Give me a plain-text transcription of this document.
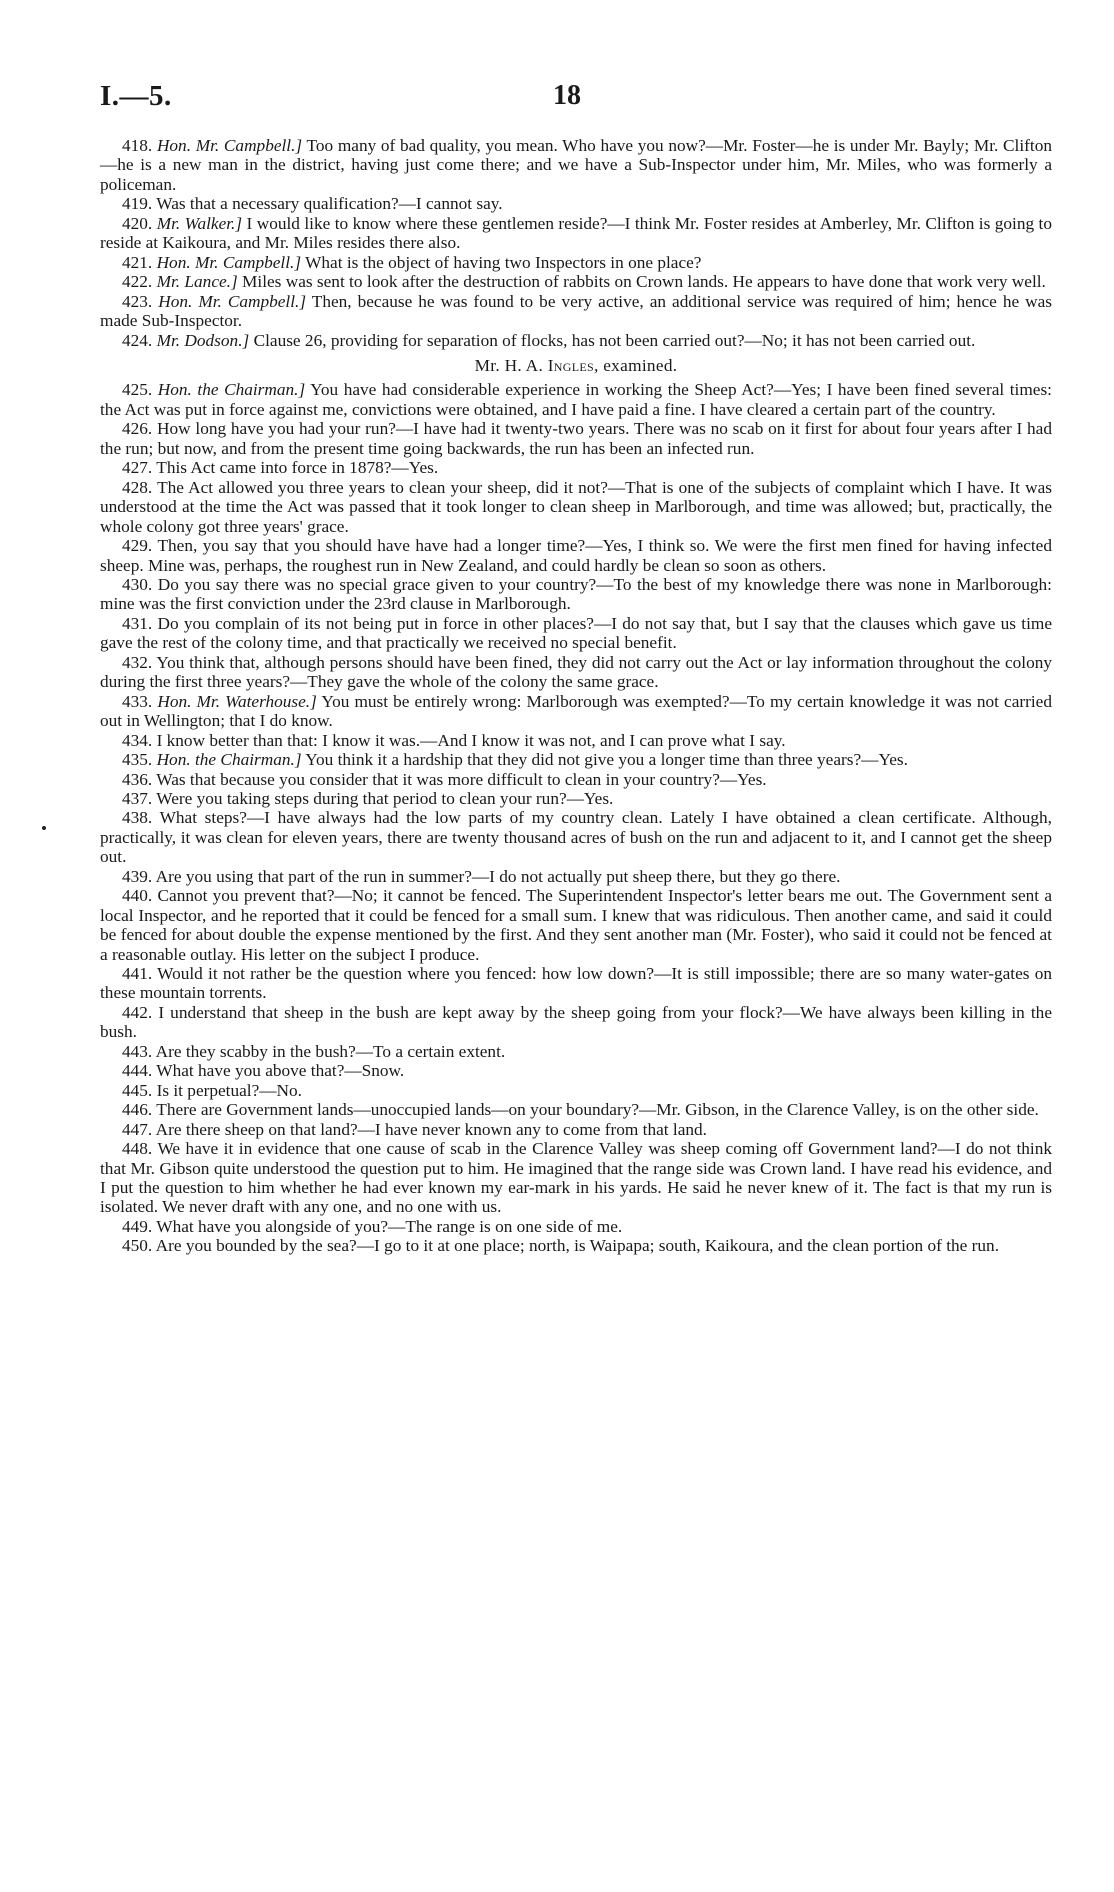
I.—5.	18

418. Hon. Mr. Campbell.] Too many of bad quality, you mean. Who have you now?—Mr. Foster—he is under Mr. Bayly; Mr. Clifton—he is a new man in the district, having just come there; and we have a Sub-Inspector under him, Mr. Miles, who was formerly a policeman.

419. Was that a necessary qualification?—I cannot say.

420. Mr. Walker.] I would like to know where these gentlemen reside?—I think Mr. Foster resides at Amberley, Mr. Clifton is going to reside at Kaikoura, and Mr. Miles resides there also.

421. Hon. Mr. Campbell.] What is the object of having two Inspectors in one place?

422. Mr. Lance.] Miles was sent to look after the destruction of rabbits on Crown lands. He appears to have done that work very well.

423. Hon. Mr. Campbell.] Then, because he was found to be very active, an additional service was required of him; hence he was made Sub-Inspector.

424. Mr. Dodson.] Clause 26, providing for separation of flocks, has not been carried out?—No; it has not been carried out.

Mr. H. A. Ingles, examined.

425. Hon. the Chairman.] You have had considerable experience in working the Sheep Act?—Yes; I have been fined several times: the Act was put in force against me, convictions were obtained, and I have paid a fine. I have cleared a certain part of the country.

426. How long have you had your run?—I have had it twenty-two years. There was no scab on it first for about four years after I had the run; but now, and from the present time going backwards, the run has been an infected run.

427. This Act came into force in 1878?—Yes.

428. The Act allowed you three years to clean your sheep, did it not?—That is one of the subjects of complaint which I have. It was understood at the time the Act was passed that it took longer to clean sheep in Marlborough, and time was allowed; but, practically, the whole colony got three years' grace.

429. Then, you say that you should have have had a longer time?—Yes, I think so. We were the first men fined for having infected sheep. Mine was, perhaps, the roughest run in New Zealand, and could hardly be clean so soon as others.

430. Do you say there was no special grace given to your country?—To the best of my knowledge there was none in Marlborough: mine was the first conviction under the 23rd clause in Marlborough.

431. Do you complain of its not being put in force in other places?—I do not say that, but I say that the clauses which gave us time gave the rest of the colony time, and that practically we received no special benefit.

432. You think that, although persons should have been fined, they did not carry out the Act or lay information throughout the colony during the first three years?—They gave the whole of the colony the same grace.

433. Hon. Mr. Waterhouse.] You must be entirely wrong: Marlborough was exempted?—To my certain knowledge it was not carried out in Wellington; that I do know.

434. I know better than that: I know it was.—And I know it was not, and I can prove what I say.

435. Hon. the Chairman.] You think it a hardship that they did not give you a longer time than three years?—Yes.

436. Was that because you consider that it was more difficult to clean in your country?—Yes.

437. Were you taking steps during that period to clean your run?—Yes.

438. What steps?—I have always had the low parts of my country clean. Lately I have obtained a clean certificate. Although, practically, it was clean for eleven years, there are twenty thousand acres of bush on the run and adjacent to it, and I cannot get the sheep out.

439. Are you using that part of the run in summer?—I do not actually put sheep there, but they go there.

440. Cannot you prevent that?—No; it cannot be fenced. The Superintendent Inspector's letter bears me out. The Government sent a local Inspector, and he reported that it could be fenced for a small sum. I knew that was ridiculous. Then another came, and said it could be fenced for about double the expense mentioned by the first. And they sent another man (Mr. Foster), who said it could not be fenced at a reasonable outlay. His letter on the subject I produce.

441. Would it not rather be the question where you fenced: how low down?—It is still impossible; there are so many water-gates on these mountain torrents.

442. I understand that sheep in the bush are kept away by the sheep going from your flock?—We have always been killing in the bush.

443. Are they scabby in the bush?—To a certain extent.

444. What have you above that?—Snow.

445. Is it perpetual?—No.

446. There are Government lands—unoccupied lands—on your boundary?—Mr. Gibson, in the Clarence Valley, is on the other side.

447. Are there sheep on that land?—I have never known any to come from that land.

448. We have it in evidence that one cause of scab in the Clarence Valley was sheep coming off Government land?—I do not think that Mr. Gibson quite understood the question put to him. He imagined that the range side was Crown land. I have read his evidence, and I put the question to him whether he had ever known my ear-mark in his yards. He said he never knew of it. The fact is that my run is isolated. We never draft with any one, and no one with us.

449. What have you alongside of you?—The range is on one side of me.

450. Are you bounded by the sea?—I go to it at one place; north, is Waipapa; south, Kaikoura, and the clean portion of the run.
